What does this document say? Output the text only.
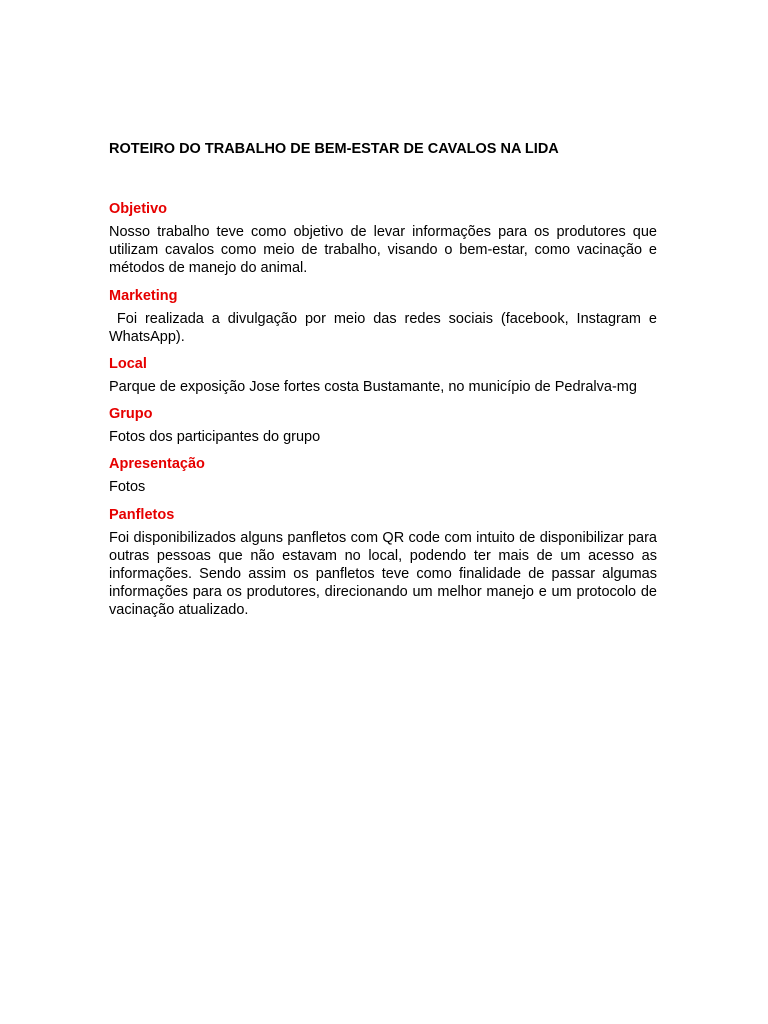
ROTEIRO DO TRABALHO DE BEM-ESTAR DE CAVALOS NA LIDA
Objetivo

Nosso trabalho teve como objetivo de levar informações para os produtores que utilizam cavalos como meio de trabalho, visando o bem-estar, como vacinação e métodos de manejo do animal.

Marketing

Foi realizada a divulgação por meio das redes sociais (facebook, Instagram e WhatsApp).

Local

Parque de exposição Jose fortes costa Bustamante, no município de Pedralva-mg

Grupo

Fotos dos participantes do grupo

Apresentação

Fotos

Panfletos

Foi disponibilizados alguns panfletos com QR code com intuito de disponibilizar para outras pessoas que não estavam no local, podendo ter mais de um acesso as informações. Sendo assim os panfletos teve como finalidade de passar algumas informações para os produtores, direcionando um melhor manejo e um protocolo de vacinação atualizado.
